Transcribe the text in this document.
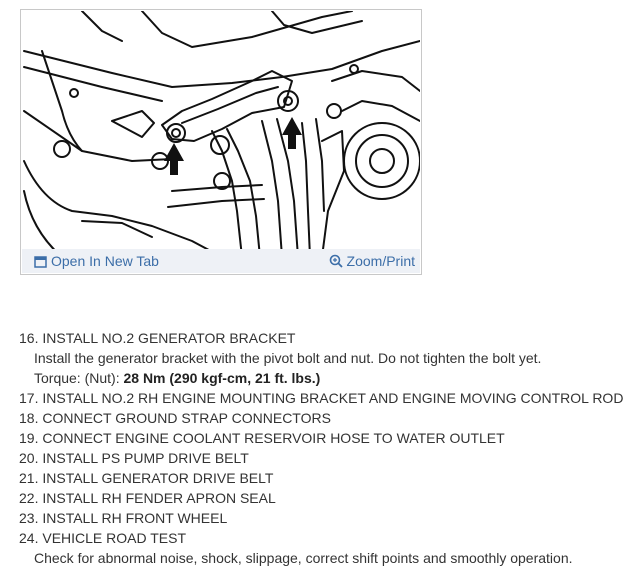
Open In New Tab	Zoom/Print
16. INSTALL NO.2 GENERATOR BRACKET
Install the generator bracket with the pivot bolt and nut. Do not tighten the bolt yet.
Torque: (Nut): 28 Nm (290 kgf-cm, 21 ft. lbs.)
17. INSTALL NO.2 RH ENGINE MOUNTING BRACKET AND ENGINE MOVING CONTROL ROD
18. CONNECT GROUND STRAP CONNECTORS
19. CONNECT ENGINE COOLANT RESERVOIR HOSE TO WATER OUTLET
20. INSTALL PS PUMP DRIVE BELT
21. INSTALL GENERATOR DRIVE BELT
22. INSTALL RH FENDER APRON SEAL
23. INSTALL RH FRONT WHEEL
24. VEHICLE ROAD TEST
Check for abnormal noise, shock, slippage, correct shift points and smoothly operation.
